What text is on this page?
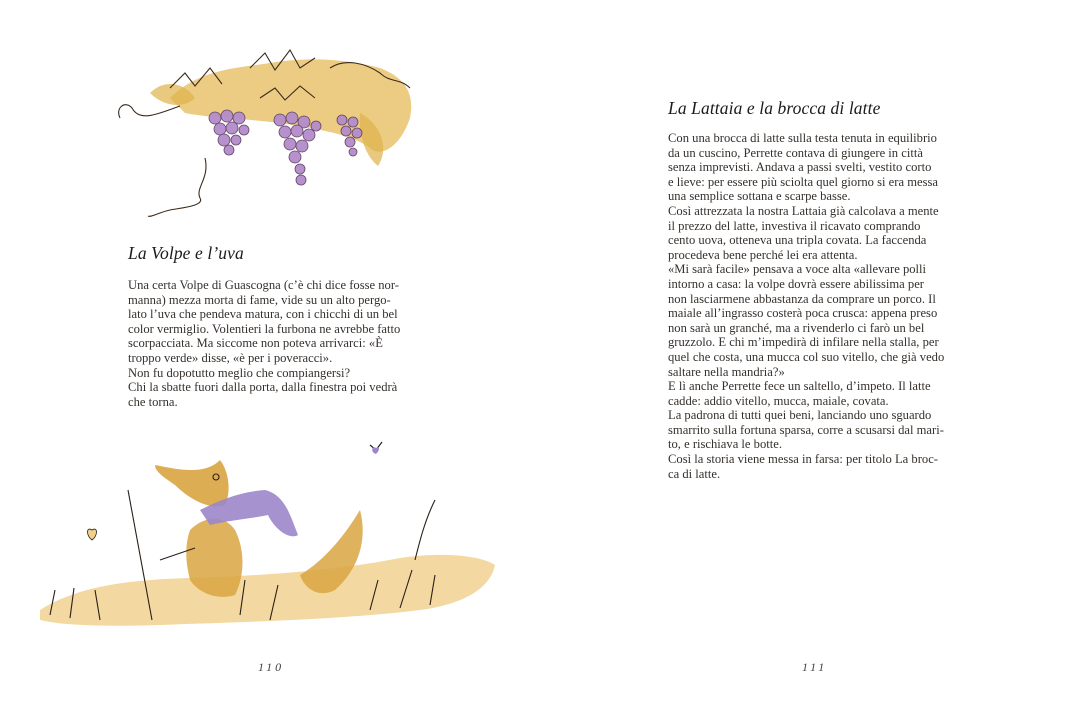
La Volpe e l’uva

Una certa Volpe di Guascogna (c’è chi dice fosse nor-

manna) mezza morta di fame, vide su un alto pergo-

lato l’uva che pendeva matura, con i chicchi di un bel

color vermiglio. Volentieri la furbona ne avrebbe fatto

scorpacciata. Ma siccome non poteva arrivarci: «È

troppo verde» disse, «è per i poveracci».

Non fu dopotutto meglio che compiangersi?

Chi la sbatte fuori dalla porta, dalla finestra poi vedrà

che torna.

110
La Lattaia e la brocca di latte

Con una brocca di latte sulla testa tenuta in equilibrio

da un cuscino, Perrette contava di giungere in città

senza imprevisti. Andava a passi svelti, vestito corto

e lieve: per essere più sciolta quel giorno si era messa

una semplice sottana e scarpe basse.

Così attrezzata la nostra Lattaia già calcolava a mente

il prezzo del latte, investiva il ricavato comprando

cento uova, otteneva una tripla covata. La faccenda

procedeva bene perché lei era attenta.

«Mi sarà facile» pensava a voce alta «allevare polli

intorno a casa: la volpe dovrà essere abilissima per

non lasciarmene abbastanza da comprare un porco. Il

maiale all’ingrasso costerà poca crusca: appena preso

non sarà un granché, ma a rivenderlo ci farò un bel

gruzzolo. E chi m’impedirà di infilare nella stalla, per

quel che costa, una mucca col suo vitello, che già vedo

saltare nella mandria?»

E lì anche Perrette fece un saltello, d’impeto. Il latte

cadde: addio vitello, mucca, maiale, covata.

La padrona di tutti quei beni, lanciando uno sguardo

smarrito sulla fortuna sparsa, corre a scusarsi dal mari-

to, e rischiava le botte.

Così la storia viene messa in farsa: per titolo La broc-

ca di latte.

111
